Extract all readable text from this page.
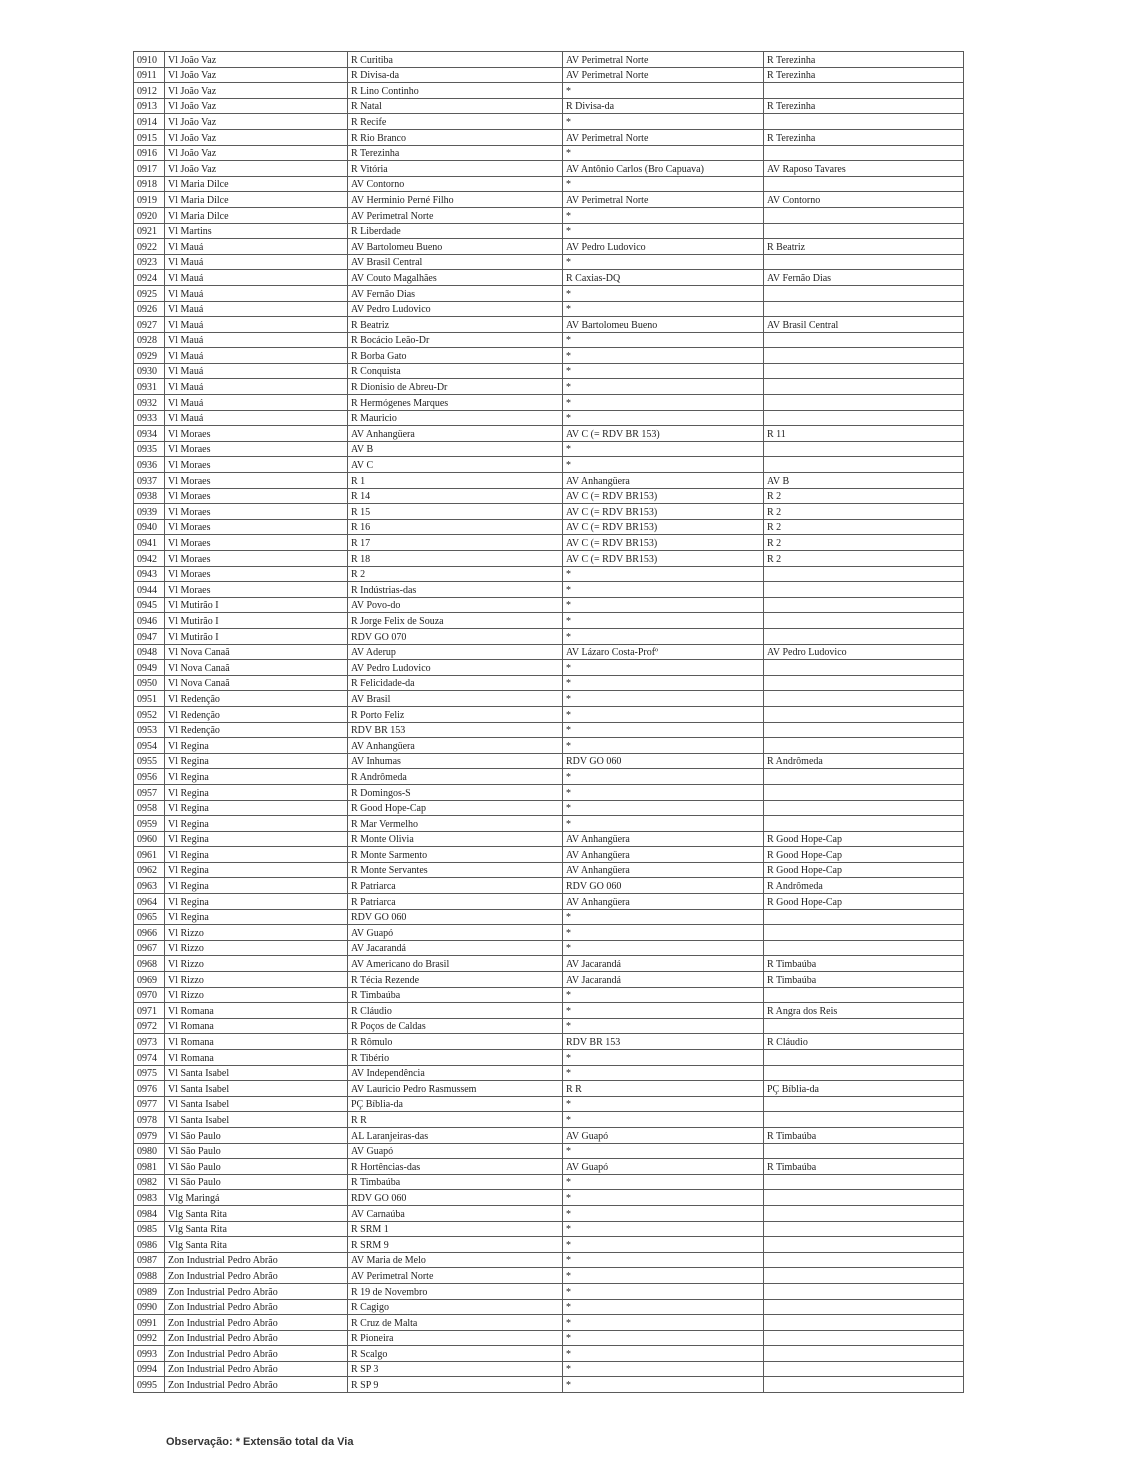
0910	Vl João Vaz	R Curitiba	AV Perimetral Norte	R Terezinha
0911	Vl João Vaz	R Divisa-da	AV Perimetral Norte	R Terezinha
0912	Vl João Vaz	R Lino Continho	*	
0913	Vl João Vaz	R Natal	R Divisa-da	R Terezinha
0914	Vl João Vaz	R Recife	*	
0915	Vl João Vaz	R Rio Branco	AV Perimetral Norte	R Terezinha
0916	Vl João Vaz	R Terezinha	*	
0917	Vl João Vaz	R Vitória	AV Antônio Carlos (Bro Capuava)	AV Raposo Tavares
0918	Vl Maria Dilce	AV Contorno	*	
0919	Vl Maria Dilce	AV Herminio Perné Filho	AV Perimetral Norte	AV Contorno
0920	Vl Maria Dilce	AV Perimetral Norte	*	
0921	Vl Martins	R Liberdade	*	
0922	Vl Mauá	AV Bartolomeu Bueno	AV Pedro Ludovico	R Beatriz
0923	Vl Mauá	AV Brasil Central	*	
0924	Vl Mauá	AV Couto Magalhães	R Caxias-DQ	AV Fernão Dias
0925	Vl Mauá	AV Fernão Dias	*	
0926	Vl Mauá	AV Pedro Ludovico	*	
0927	Vl Mauá	R Beatriz	AV Bartolomeu Bueno	AV Brasil Central
0928	Vl Mauá	R Bocácio Leão-Dr	*	
0929	Vl Mauá	R Borba Gato	*	
0930	Vl Mauá	R Conquista	*	
0931	Vl Mauá	R Dionisio de Abreu-Dr	*	
0932	Vl Mauá	R Hermógenes Marques	*	
0933	Vl Mauá	R Mauricio	*	
0934	Vl Moraes	AV Anhangüera	AV C (= RDV BR 153)	R 11
0935	Vl Moraes	AV B	*	
0936	Vl Moraes	AV C	*	
0937	Vl Moraes	R 1	AV Anhangüera	AV B
0938	Vl Moraes	R 14	AV C (= RDV BR153)	R 2
0939	Vl Moraes	R 15	AV C (= RDV BR153)	R 2
0940	Vl Moraes	R 16	AV C (= RDV BR153)	R 2
0941	Vl Moraes	R 17	AV C (= RDV BR153)	R 2
0942	Vl Moraes	R 18	AV C (= RDV BR153)	R 2
0943	Vl Moraes	R 2	*	
0944	Vl Moraes	R Indústrias-das	*	
0945	Vl Mutirão I	AV Povo-do	*	
0946	Vl Mutirão I	R Jorge Felix de Souza	*	
0947	Vl Mutirão I	RDV GO 070	*	
0948	Vl Nova Canaã	AV Aderup	AV Lázaro Costa-Profº	AV Pedro Ludovico
0949	Vl Nova Canaã	AV Pedro Ludovico	*	
0950	Vl Nova Canaã	R Felicidade-da	*	
0951	Vl Redenção	AV Brasil	*	
0952	Vl Redenção	R Porto Feliz	*	
0953	Vl Redenção	RDV BR 153	*	
0954	Vl Regina	AV Anhangüera	*	
0955	Vl Regina	AV Inhumas	RDV GO 060	R Andrômeda
0956	Vl Regina	R Andrômeda	*	
0957	Vl Regina	R Domingos-S	*	
0958	Vl Regina	R Good Hope-Cap	*	
0959	Vl Regina	R Mar Vermelho	*	
0960	Vl Regina	R Monte Olivia	AV Anhangüera	R Good Hope-Cap
0961	Vl Regina	R Monte Sarmento	AV Anhangüera	R Good Hope-Cap
0962	Vl Regina	R Monte Servantes	AV Anhangüera	R Good Hope-Cap
0963	Vl Regina	R Patriarca	RDV GO 060	R Andrômeda
0964	Vl Regina	R Patriarca	AV Anhangüera	R Good Hope-Cap
0965	Vl Regina	RDV GO 060	*	
0966	Vl Rizzo	AV Guapó	*	
0967	Vl Rizzo	AV Jacarandá	*	
0968	Vl Rizzo	AV Americano do Brasil	AV Jacarandá	R Timbaúba
0969	Vl Rizzo	R Técia Rezende	AV Jacarandá	R Timbaúba
0970	Vl Rizzo	R Timbaúba	*	
0971	Vl Romana	R Cláudio	*	R Angra dos Reis
0972	Vl Romana	R Poços de Caldas	*	
0973	Vl Romana	R Rômulo	RDV BR 153	R Cláudio
0974	Vl Romana	R Tibério	*	
0975	Vl Santa Isabel	AV Independência	*	
0976	Vl Santa Isabel	AV Lauricio Pedro Rasmussem	R R	PÇ Bíblia-da
0977	Vl Santa Isabel	PÇ Bíblia-da	*	
0978	Vl Santa Isabel	R R	*	
0979	Vl São Paulo	AL Laranjeiras-das	AV Guapó	R Timbaúba
0980	Vl São Paulo	AV Guapó	*	
0981	Vl São Paulo	R Hortências-das	AV Guapó	R Timbaúba
0982	Vl São Paulo	R Timbaúba	*	
0983	Vlg Maringá	RDV GO 060	*	
0984	Vlg Santa Rita	AV Carnaúba	*	
0985	Vlg Santa Rita	R SRM 1	*	
0986	Vlg Santa Rita	R SRM 9	*	
0987	Zon Industrial Pedro Abrão	AV Maria de Melo	*	
0988	Zon Industrial Pedro Abrão	AV Perimetral Norte	*	
0989	Zon Industrial Pedro Abrão	R 19 de Novembro	*	
0990	Zon Industrial Pedro Abrão	R Cagigo	*	
0991	Zon Industrial Pedro Abrão	R Cruz de Malta	*	
0992	Zon Industrial Pedro Abrão	R Pioneira	*	
0993	Zon Industrial Pedro Abrão	R Scalgo	*	
0994	Zon Industrial Pedro Abrão	R SP 3	*	
0995	Zon Industrial Pedro Abrão	R SP 9	*	
Observação: * Extensão total da Via
